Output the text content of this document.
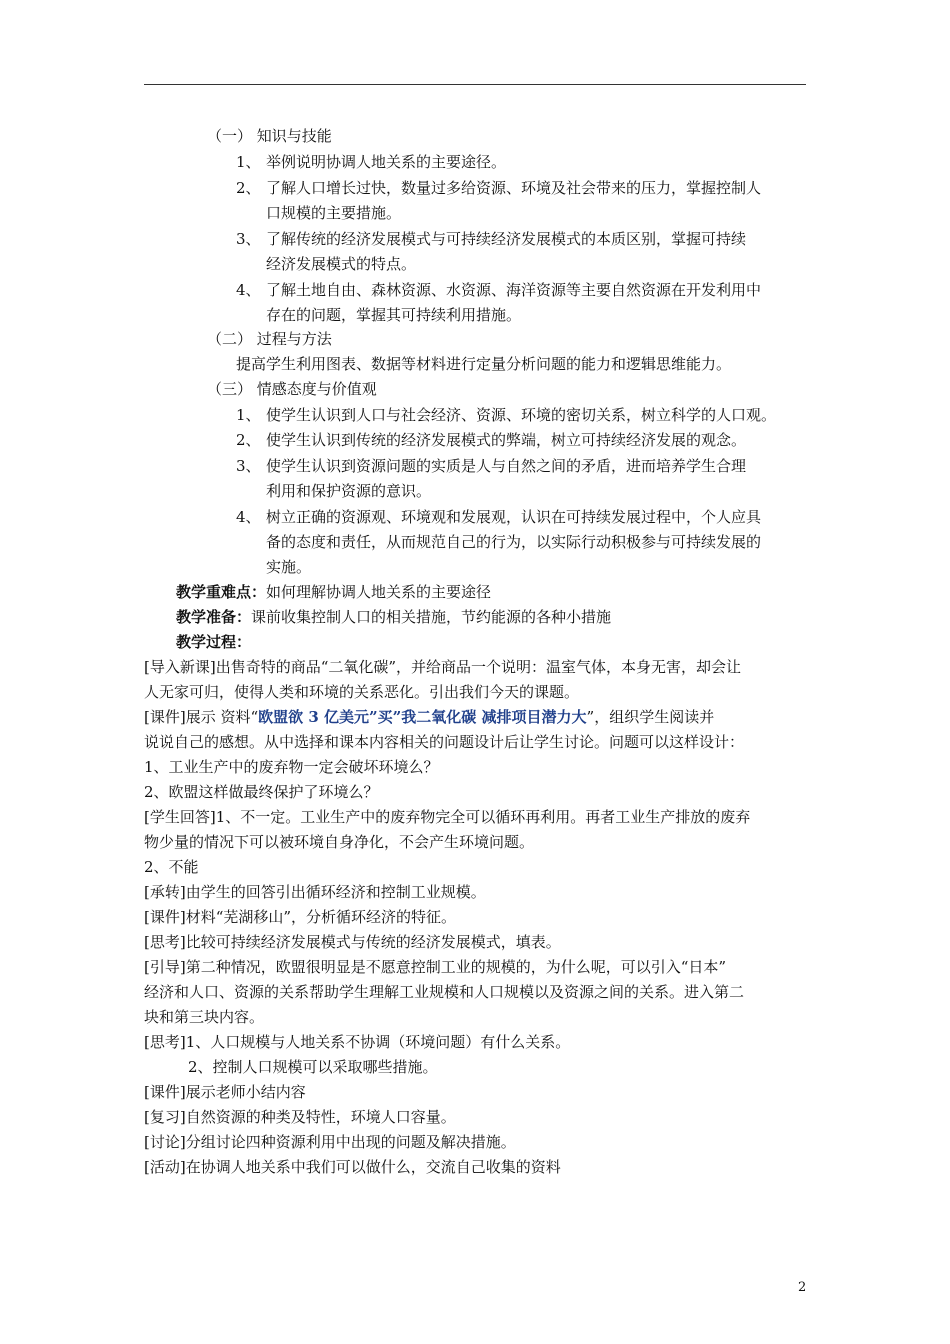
（一） 知识与技能
1、 举例说明协调人地关系的主要途径。
2、 了解人口增长过快，数量过多给资源、环境及社会带来的压力，掌握控制人
口规模的主要措施。
3、 了解传统的经济发展模式与可持续经济发展模式的本质区别，掌握可持续
经济发展模式的特点。
4、 了解土地自由、森林资源、水资源、海洋资源等主要自然资源在开发利用中
存在的问题，掌握其可持续利用措施。
（二） 过程与方法
提高学生利用图表、数据等材料进行定量分析问题的能力和逻辑思维能力。
（三） 情感态度与价值观
1、 使学生认识到人口与社会经济、资源、环境的密切关系，树立科学的人口观。
2、 使学生认识到传统的经济发展模式的弊端，树立可持续经济发展的观念。
3、 使学生认识到资源问题的实质是人与自然之间的矛盾，进而培养学生合理
利用和保护资源的意识。
4、 树立正确的资源观、环境观和发展观，认识在可持续发展过程中，个人应具
备的态度和责任，从而规范自己的行为，以实际行动积极参与可持续发展的
实施。
教学重难点：如何理解协调人地关系的主要途径
教学准备：课前收集控制人口的相关措施，节约能源的各种小措施
教学过程：
[导入新课]出售奇特的商品“二氧化碳”，并给商品一个说明：温室气体，本身无害，却会让
人无家可归，使得人类和环境的关系恶化。引出我们今天的课题。
[课件]展示 资料“欧盟欲 3 亿美元”买”我二氧化碳 减排项目潜力大”，组织学生阅读并
说说自己的感想。从中选择和课本内容相关的问题设计后让学生讨论。问题可以这样设计：
1、工业生产中的废弃物一定会破坏环境么？
2、欧盟这样做最终保护了环境么？
[学生回答]1、不一定。工业生产中的废弃物完全可以循环再利用。再者工业生产排放的废弃
物少量的情况下可以被环境自身净化，不会产生环境问题。
2、不能
[承转]由学生的回答引出循环经济和控制工业规模。
[课件]材料“芜湖移山”，分析循环经济的特征。
[思考]比较可持续经济发展模式与传统的经济发展模式，填表。
[引导]第二种情况，欧盟很明显是不愿意控制工业的规模的，为什么呢，可以引入“日本”
经济和人口、资源的关系帮助学生理解工业规模和人口规模以及资源之间的关系。进入第二
块和第三块内容。
[思考]1、人口规模与人地关系不协调（环境问题）有什么关系。
2、控制人口规模可以采取哪些措施。
[课件]展示老师小结内容
[复习]自然资源的种类及特性，环境人口容量。
[讨论]分组讨论四种资源利用中出现的问题及解决措施。
[活动]在协调人地关系中我们可以做什么，交流自己收集的资料
2
